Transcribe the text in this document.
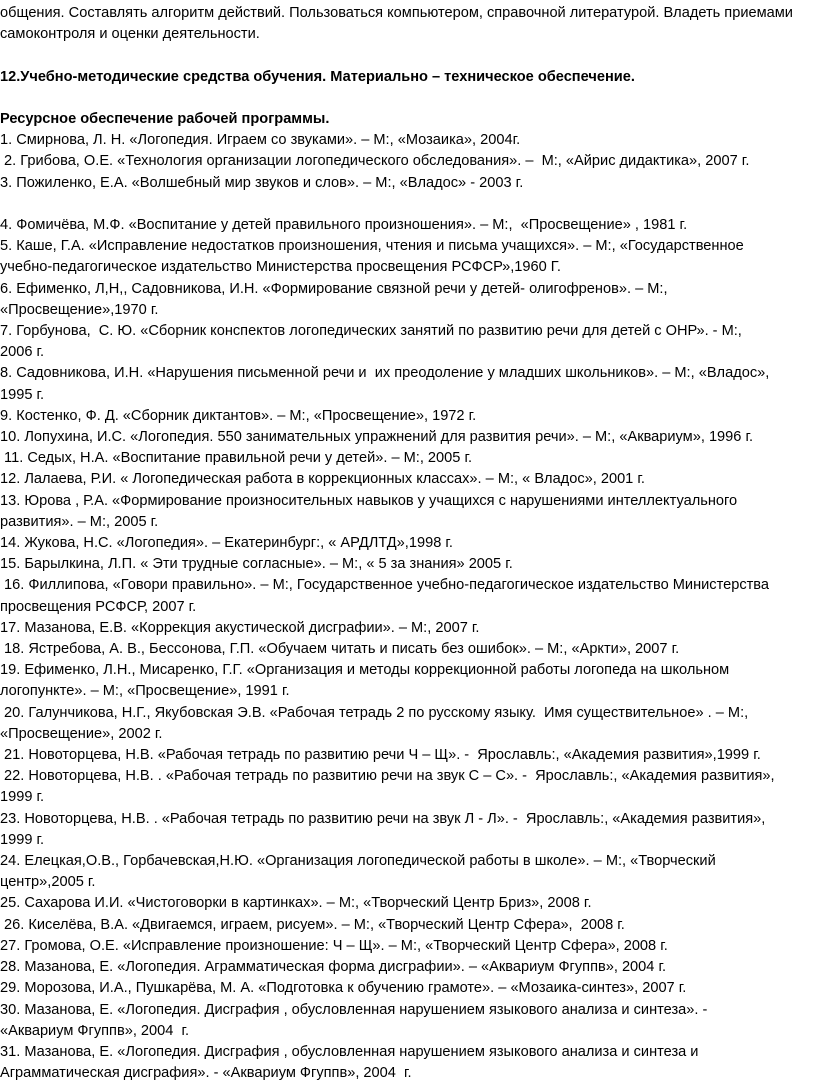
общения. Составлять алгоритм действий. Пользоваться компьютером, справочной литературой. Владеть приемами

самоконтроля и оценки деятельности.

12.Учебно-методические средства обучения. Материально – техническое обеспечение.

Ресурсное обеспечение рабочей программы.

1. Смирнова, Л. Н. «Логопедия. Играем со звуками». – М:, «Мозаика», 2004г.

2. Грибова, О.Е. «Технология организации логопедического обследования». –  М:, «Айрис дидактика», 2007 г.

3. Пожиленко, Е.А. «Волшебный мир звуков и слов». – М:, «Владос» - 2003 г.

4. Фомичёва, М.Ф. «Воспитание у детей правильного произношения». – М:,  «Просвещение» , 1981 г.

5. Каше, Г.А. «Исправление недостатков произношения, чтения и письма учащихся». – М:, «Государственное

учебно-педагогическое издательство Министерства просвещения РСФСР»,1960 Г.

6. Ефименко, Л,Н,, Садовникова, И.Н. «Формирование связной речи у детей- олигофренов». – М:,

«Просвещение»,1970 г.

7. Горбунова,  С. Ю. «Сборник конспектов логопедических занятий по развитию речи для детей с ОНР». - М:,

2006 г.

8. Садовникова, И.Н. «Нарушения письменной речи и  их преодоление у младших школьников». – М:, «Владос»,

1995 г.

9. Костенко, Ф. Д. «Сборник диктантов». – М:, «Просвещение», 1972 г.

10. Лопухина, И.С. «Логопедия. 550 занимательных упражнений для развития речи». – М:, «Аквариум», 1996 г.

11. Седых, Н.А. «Воспитание правильной речи у детей». – М:, 2005 г.

12. Лалаева, Р.И. « Логопедическая работа в коррекционных классах». – М:, « Владос», 2001 г.

13. Юрова , Р.А. «Формирование произносительных навыков у учащихся с нарушениями интеллектуального

развития». – М:, 2005 г.

14. Жукова, Н.С. «Логопедия». – Екатеринбург:, « АРДЛТД»,1998 г.

15. Барылкина, Л.П. « Эти трудные согласные». – М:, « 5 за знания» 2005 г.

16. Филлипова, «Говори правильно». – М:, Государственное учебно-педагогическое издательство Министерства

просвещения РСФСР, 2007 г.

17. Мазанова, Е.В. «Коррекция акустической дисграфии». – М:, 2007 г.

18. Ястребова, А. В., Бессонова, Г.П. «Обучаем читать и писать без ошибок». – М:, «Аркти», 2007 г.

19. Ефименко, Л.Н., Мисаренко, Г.Г. «Организация и методы коррекционной работы логопеда на школьном

логопункте». – М:, «Просвещение», 1991 г.

20. Галунчикова, Н.Г., Якубовская Э.В. «Рабочая тетрадь 2 по русскому языку.  Имя существительное» . – М:,

«Просвещение», 2002 г.

21. Новоторцева, Н.В. «Рабочая тетрадь по развитию речи Ч – Щ». -  Ярославль:, «Академия развития»,1999 г.

22. Новоторцева, Н.В. . «Рабочая тетрадь по развитию речи на звук С – С». -  Ярославль:, «Академия развития»,

1999 г.

23. Новоторцева, Н.В. . «Рабочая тетрадь по развитию речи на звук Л - Л». -  Ярославль:, «Академия развития»,

1999 г.

24. Елецкая,О.В., Горбачевская,Н.Ю. «Организация логопедической работы в школе». – М:, «Творческий

центр»,2005 г.

25. Сахарова И.И. «Чистоговорки в картинках». – М:, «Творческий Центр Бриз», 2008 г.

26. Киселёва, В.А. «Двигаемся, играем, рисуем». – М:, «Творческий Центр Сфера»,  2008 г.

27. Громова, О.Е. «Исправление произношение: Ч – Щ». – М:, «Творческий Центр Сфера», 2008 г.

28. Мазанова, Е. «Логопедия. Аграмматическая форма дисграфии». – «Аквариум Фгуппв», 2004 г.

29. Морозова, И.А., Пушкарёва, М. А. «Подготовка к обучению грамоте». – «Мозаика-синтез», 2007 г.

30. Мазанова, Е. «Логопедия. Дисграфия , обусловленная нарушением языкового анализа и синтеза». -

«Аквариум Фгуппв», 2004  г.

31. Мазанова, Е. «Логопедия. Дисграфия , обусловленная нарушением языкового анализа и синтеза и

Аграмматическая дисграфия». - «Аквариум Фгуппв», 2004  г.
